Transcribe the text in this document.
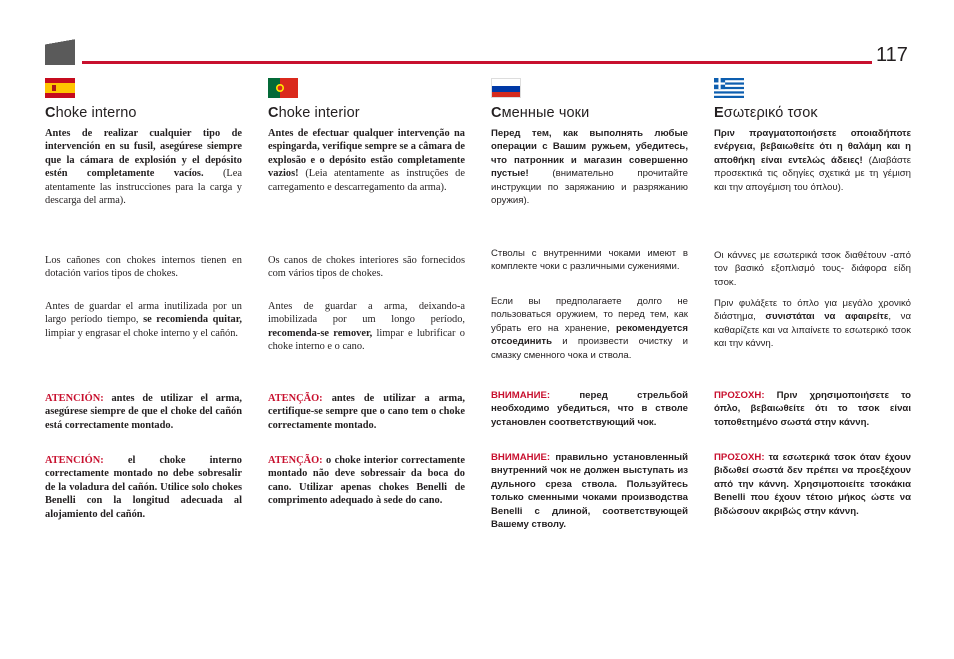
117
Choke interno

Antes de realizar cualquier tipo de intervención en su fusil, asegúrese siempre que la cámara de explosión y el depósito estén completamente vacíos. (Lea atentamente las instrucciones para la carga y descarga del arma).

Los cañones con chokes internos tienen en dotación varios tipos de chokes.

Antes de guardar el arma inutilizada por un largo período tiempo, se recomienda quitar, limpiar y engrasar el choke interno y el cañón.

ATENCIÓN: antes de utilizar el arma, asegúrese siempre de que el choke del cañón está correctamente montado.

ATENCIÓN: el choke interno correctamente montado no debe sobresalir de la voladura del cañón. Utilice solo chokes Benelli con la longitud adecuada al alojamiento del cañón.

Choke interior

Antes de efectuar qualquer intervenção na espingarda, verifique sempre se a câmara de explosão e o depósito estão completamente vazios! (Leia atentamente as instruções de carregamento e descarregamento da arma).

Os canos de chokes interiores são fornecidos com vários tipos de chokes.

Antes de guardar a arma, deixando-a imobilizada por um longo período, recomenda-se remover, limpar e lubrificar o choke interno e o cano.

ATENÇÃO: antes de utilizar a arma, certifique-se sempre que o cano tem o choke correctamente montado.

ATENÇÃO: o choke interior correctamente montado não deve sobressair da boca do cano. Utilizar apenas chokes Benelli de comprimento adequado à sede do cano.

Сменные чоки

Перед тем, как выполнять любые операции с Вашим ружьем, убедитесь, что патронник и магазин совершенно пустые! (внимательно прочитайте инструкции по заряжанию и разряжанию оружия).

Стволы с внутренними чоками имеют в комплекте чоки с различными сужениями.

Если вы предполагаете долго не пользоваться оружием, то перед тем, как убрать его на хранение, рекомендуется отсоединить и произвести очистку и смазку сменного чока и ствола.

ВНИМАНИЕ: перед стрельбой необходимо убедиться, что в стволе установлен соответствующий чок.

ВНИМАНИЕ: правильно установленный внутренний чок не должен выступать из дульного среза ствола. Пользуйтесь только сменными чоками производства Benelli с длиной, соответствующей Вашему стволу.

Εσωτερικό τσοκ

Πριν πραγματοποιήσετε οποιαδήποτε ενέργεια, βεβαιωθείτε ότι η θαλάμη και η αποθήκη είναι εντελώς άδειες! (Διαβάστε προσεκτικά τις οδηγίες σχετικά με τη γέμιση και την απογέμιση του όπλου).

Οι κάννες με εσωτερικά τσοκ διαθέτουν -από τον βασικό εξοπλισμό τους- διάφορα είδη τσοκ.

Πριν φυλάξετε το όπλο για μεγάλο χρονικό διάστημα, συνιστάται να αφαιρείτε, να καθαρίζετε και να λιπαίνετε το εσωτερικό τσοκ και την κάννη.

ΠΡΟΣΟΧΗ: Πριν χρησιμοποιήσετε το όπλο, βεβαιωθείτε ότι το τσοκ είναι τοποθετημένο σωστά στην κάννη.

ΠΡΟΣΟΧΗ: τα εσωτερικά τσοκ όταν έχουν βιδωθεί σωστά δεν πρέπει να προεξέχουν από την κάννη. Χρησιμοποιείτε τσοκάκια Benelli που έχουν τέτοιο μήκος ώστε να βιδώσουν ακριβώς στην κάννη.
